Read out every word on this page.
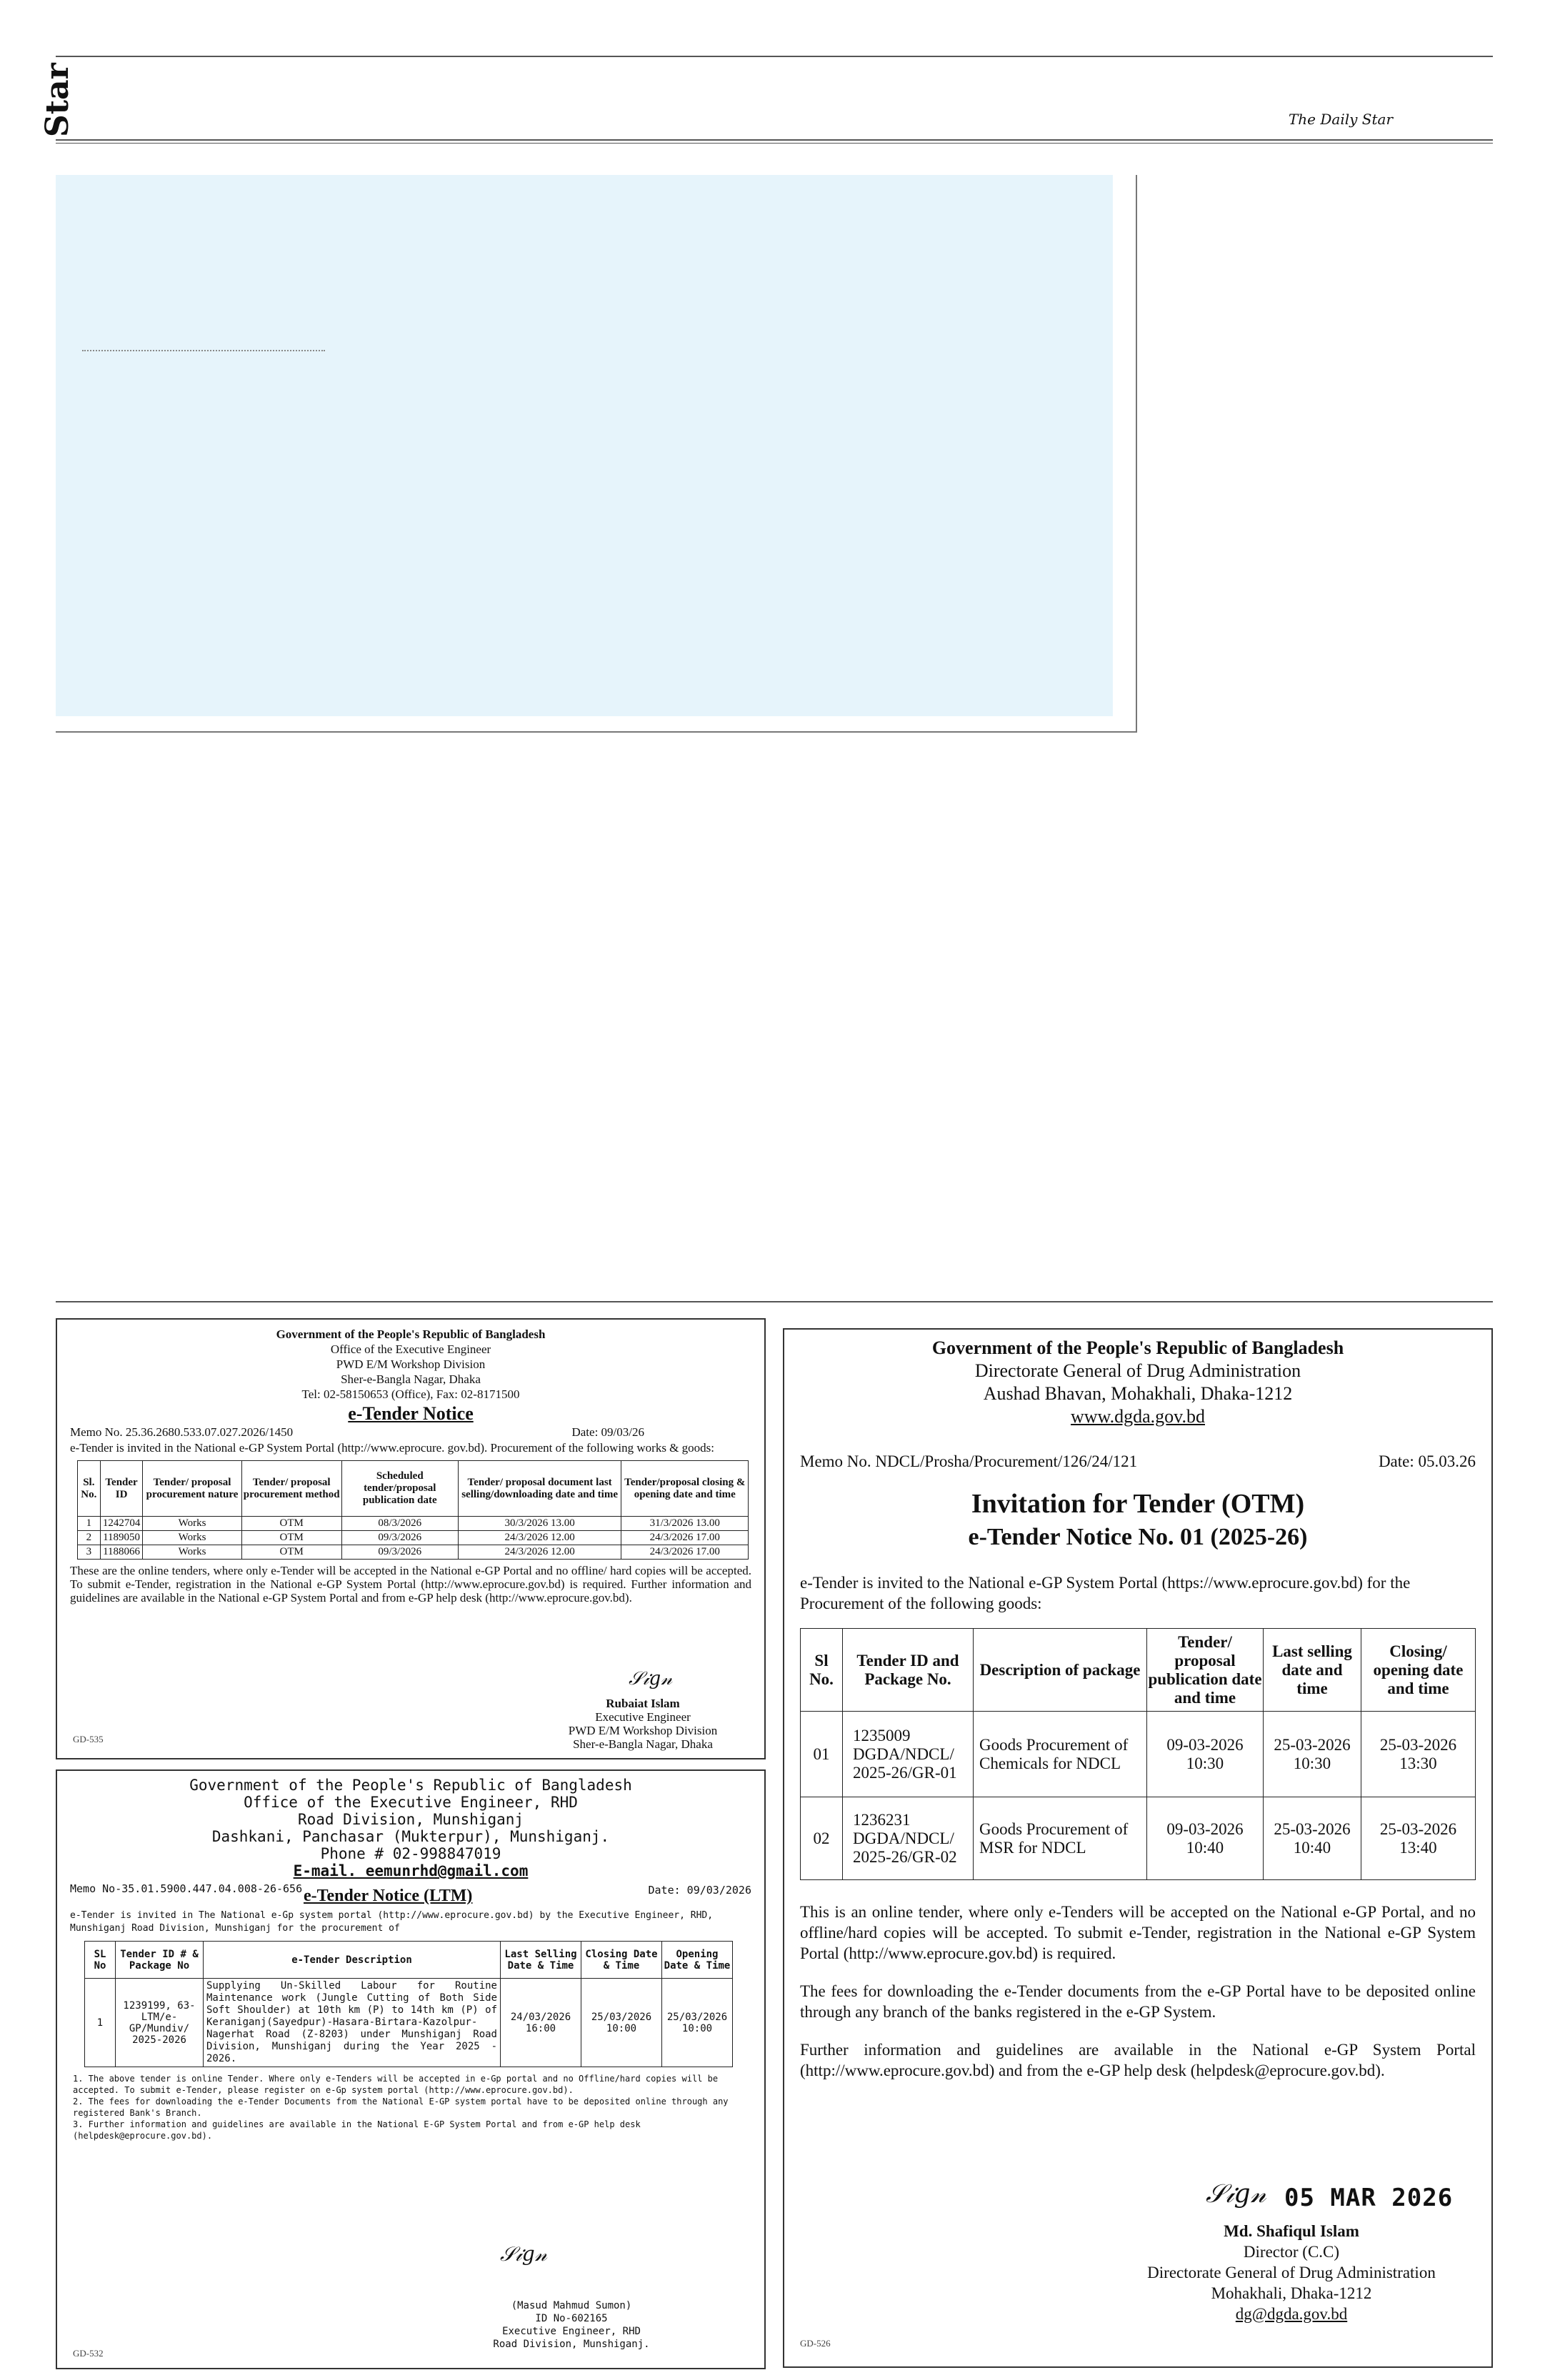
Star	The Daily Star
Government of the People's Republic of Bangladesh
Office of the Executive Engineer
PWD E/M Workshop Division
Sher-e-Bangla Nagar, Dhaka
Tel: 02-58150653 (Office), Fax: 02-8171500
e-Tender Notice
Memo No. 25.36.2680.533.07.027.2026/1450	Date: 09/03/26
e-Tender is invited in the National e-GP System Portal (http://www.eprocure. gov.bd). Procurement of the following works & goods:
Sl. No.	Tender ID	Tender/ proposal procurement nature	Tender/ proposal procurement method	Scheduled tender/proposal publication date	Tender/ proposal document last selling/downloading date and time	Tender/proposal closing & opening date and time
1	1242704	Works	OTM	08/3/2026	30/3/2026 13.00	31/3/2026 13.00
2	1189050	Works	OTM	09/3/2026	24/3/2026 12.00	24/3/2026 17.00
3	1188066	Works	OTM	09/3/2026	24/3/2026 12.00	24/3/2026 17.00
These are the online tenders, where only e-Tender will be accepted in the National e-GP Portal and no offline/ hard copies will be accepted. To submit e-Tender, registration in the National e-GP System Portal (http://www.eprocure.gov.bd) is required. Further information and guidelines are available in the National e-GP System Portal and from e-GP help desk (http://www.eprocure.gov.bd).
𝒮𝒾𝑔𝓃
Rubaiat Islam
Executive Engineer
PWD E/M Workshop Division
Sher-e-Bangla Nagar, Dhaka
GD-535
Government of the People's Republic of Bangladesh
Office of the Executive Engineer, RHD
Road Division, Munshiganj
Dashkani, Panchasar (Mukterpur), Munshiganj.
Phone # 02-998847019
E-mail. eemunrhd@gmail.com
Memo No-35.01.5900.447.04.008-26-656 e-Tender Notice (LTM)	Date: 09/03/2026
e-Tender is invited in The National e-Gp system portal (http://www.eprocure.gov.bd) by the Executive Engineer, RHD, Munshiganj Road Division, Munshiganj for the procurement of
SL No	Tender ID # & Package No	e-Tender Description	Last Selling Date & Time	Closing Date & Time	Opening Date & Time
1	1239199, 63-LTM/e-GP/Mundiv/ 2025-2026	Supplying Un-Skilled Labour for Routine Maintenance work (Jungle Cutting of Both Side Soft Shoulder) at 10th km (P) to 14th km (P) of Keraniganj(Sayedpur)-Hasara-Birtara-Kazolpur-Nagerhat Road (Z-8203) under Munshiganj Road Division, Munshiganj during the Year 2025 - 2026.	24/03/2026 16:00	25/03/2026 10:00	25/03/2026 10:00
1. The above tender is online Tender. Where only e-Tenders will be accepted in e-Gp portal and no Offline/hard copies will be accepted. To submit e-Tender, please register on e-Gp system portal (http://www.eprocure.gov.bd).
2. The fees for downloading the e-Tender Documents from the National E-GP system portal have to be deposited online through any registered Bank's Branch.
3. Further information and guidelines are available in the National E-GP System Portal and from e-GP help desk (helpdesk@eprocure.gov.bd).
𝒮𝒾𝑔𝓃
(Masud Mahmud Sumon)
ID No-602165
Executive Engineer, RHD
Road Division, Munshiganj.
GD-532
Government of the People's Republic of Bangladesh
Directorate General of Drug Administration
Aushad Bhavan, Mohakhali, Dhaka-1212
www.dgda.gov.bd
Memo No. NDCL/Prosha/Procurement/126/24/121	Date: 05.03.26
Invitation for Tender (OTM)
e-Tender Notice No. 01 (2025-26)
e-Tender is invited to the National e-GP System Portal (https://www.eprocure.gov.bd) for the Procurement of the following goods:
Sl No.	Tender ID and Package No.	Description of package	Tender/ proposal publication date and time	Last selling date and time	Closing/ opening date and time
01	1235009 DGDA/NDCL/ 2025-26/GR-01	Goods Procurement of Chemicals for NDCL	09-03-2026 10:30	25-03-2026 10:30	25-03-2026 13:30
02	1236231 DGDA/NDCL/ 2025-26/GR-02	Goods Procurement of MSR for NDCL	09-03-2026 10:40	25-03-2026 10:40	25-03-2026 13:40
This is an online tender, where only e-Tenders will be accepted on the National e-GP Portal, and no offline/hard copies will be accepted. To submit e-Tender, registration in the National e-GP System Portal (http://www.eprocure.gov.bd) is required.
The fees for downloading the e-Tender documents from the e-GP Portal have to be deposited online through any branch of the banks registered in the e-GP System.
Further information and guidelines are available in the National e-GP System Portal (http://www.eprocure.gov.bd) and from the e-GP help desk (helpdesk@eprocure.gov.bd).
𝒮𝒾𝑔𝓃 05 MAR 2026
Md. Shafiqul Islam
Director (C.C)
Directorate General of Drug Administration
Mohakhali, Dhaka-1212
dg@dgda.gov.bd
GD-526
